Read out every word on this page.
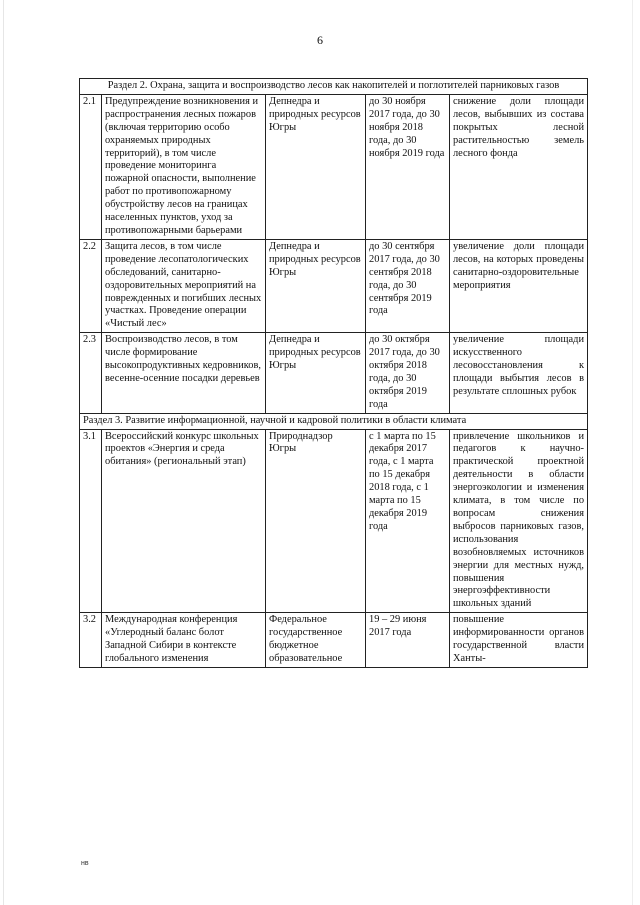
6
Раздел 2. Охрана, защита и воспроизводство лесов как накопителей и поглотителей парниковых газов				
2.1	Предупреждение возникновения и распространения лесных пожаров (включая территорию особо охраняемых природных территорий), в том числе проведение мониторинга пожарной опасности, выполнение работ по противопожарному обустройству лесов на границах населенных пунктов, уход за противопожарными барьерами	Депнедра и природных ресурсов Югры	до 30 ноября 2017 года, до 30 ноября 2018 года, до 30 ноября 2019 года	снижение доли площади лесов, выбывших из состава покрытых лесной растительностью земель лесного фонда
2.2	Защита лесов, в том числе проведение лесопатологических обследований, санитарно-оздоровительных мероприятий на поврежденных и погибших лесных участках. Проведение операции «Чистый лес»	Депнедра и природных ресурсов Югры	до 30 сентября 2017 года, до 30 сентября 2018 года, до 30 сентября 2019 года	увеличение доли площади лесов, на которых проведены санитарно-оздоровительные мероприятия
2.3	Воспроизводство лесов, в том числе формирование высокопродуктивных кедровников, весенне-осенние посадки деревьев	Депнедра и природных ресурсов Югры	до 30 октября 2017 года, до 30 октября 2018 года, до 30 октября 2019 года	увеличение площади искусственного лесовосстановления к площади выбытия лесов в результате сплошных рубок
Раздел 3. Развитие информационной, научной и кадровой политики в области климата				
3.1	Всероссийский конкурс школьных проектов «Энергия и среда обитания» (региональный этап)	Природнадзор Югры	с 1 марта по 15 декабря 2017 года, с 1 марта по 15 декабря 2018 года, с 1 марта по 15 декабря 2019 года	привлечение школьников и педагогов к научно-практической проектной деятельности в области энергоэкологии и изменения климата, в том числе по вопросам снижения выбросов парниковых газов, использования возобновляемых источников энергии для местных нужд, повышения энергоэффективности школьных зданий
3.2	Международная конференция «Углеродный баланс болот Западной Сибири в контексте глобального изменения	Федеральное государственное бюджетное образовательное	19 – 29 июня 2017 года	повышение информированности органов государственной власти Ханты-
нв
